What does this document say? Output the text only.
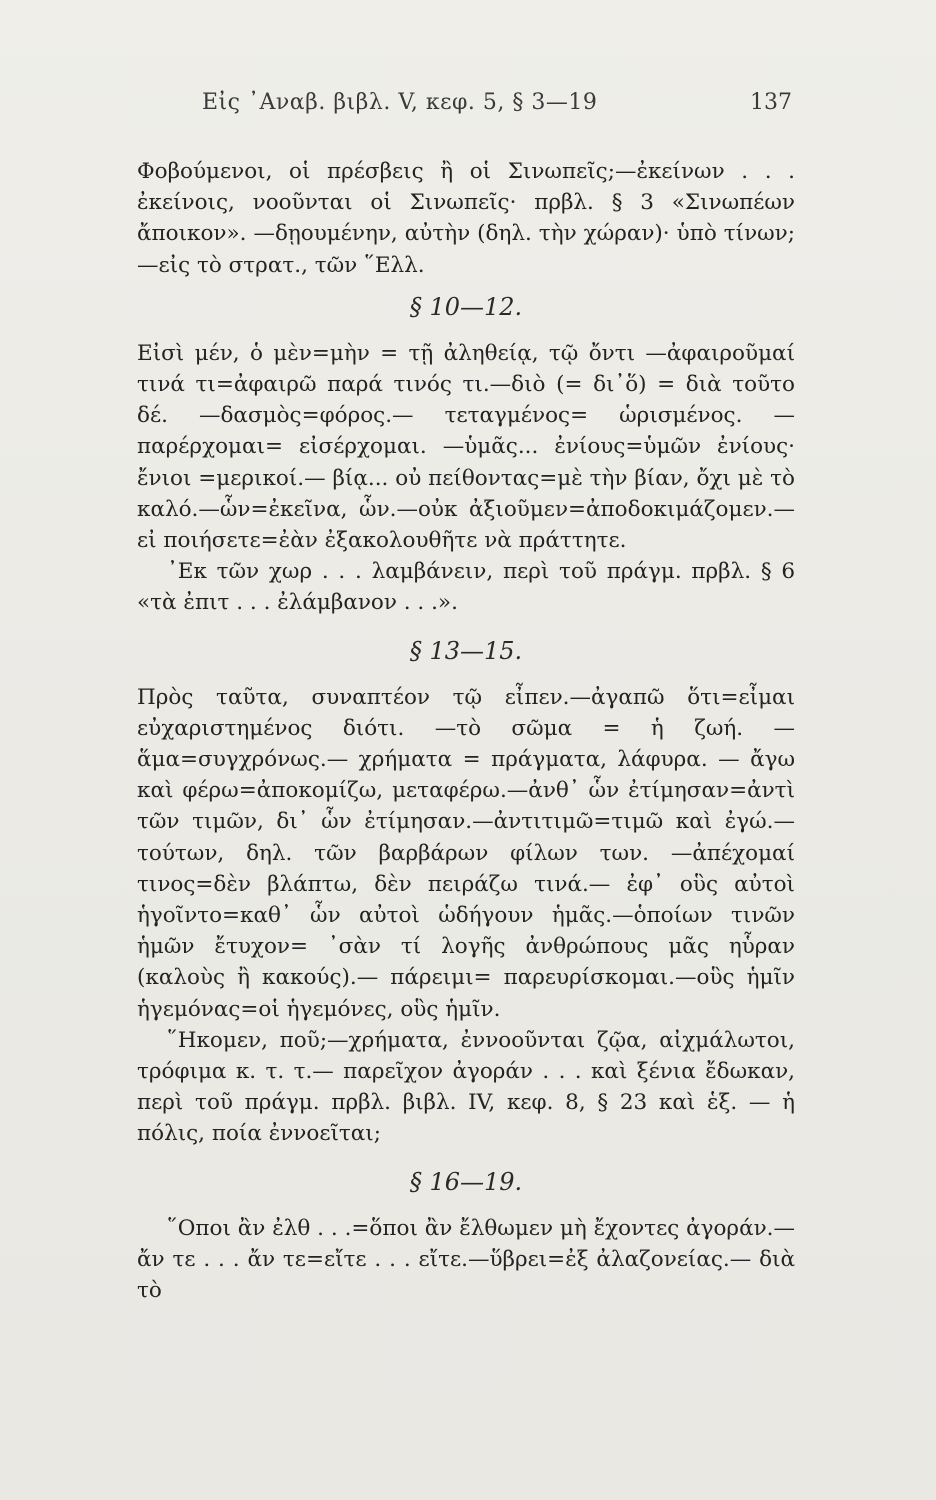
Εἰς ᾿Αναβ. βιβλ. V, κεφ. 5, § 3—19	137

Φοβούμενοι, οἱ πρέσβεις ἢ οἱ Σινωπεῖς;—ἐκείνων . . . ἐκείνοις, νοοῦνται οἱ Σινωπεῖς· πρβλ. § 3 «Σινωπέων ἄποικον». —δῃουμένην, αὐτὴν (δηλ. τὴν χώραν)· ὑπὸ τίνων;—εἰς τὸ στρατ., τῶν ῞Ελλ.

§ 10—12.

Εἰσὶ μέν, ὁ μὲν=μὴν = τῇ ἀληθείᾳ, τῷ ὄντι —ἀφαιροῦμαί τινά τι=ἀφαιρῶ παρά τινός τι.—διὸ (= δι᾿ὅ) = διὰ τοῦτο δέ. —δασμὸς=φόρος.— τεταγμένος= ὡρισμένος. — παρέρχομαι= εἰσέρχομαι. —ὑμᾶς... ἐνίους=ὑμῶν ἐνίους· ἔνιοι =μερικοί.— βίᾳ... οὐ πείθοντας=μὲ τὴν βίαν, ὄχι μὲ τὸ καλό.—ὧν=ἐκεῖνα, ὧν.—οὐκ ἀξιοῦμεν=ἀποδοκιμάζομεν.—εἰ ποιήσετε=ἐὰν ἐξακολουθῆτε νὰ πράττητε.

᾿Εκ τῶν χωρ . . . λαμβάνειν, περὶ τοῦ πράγμ. πρβλ. § 6 «τὰ ἐπιτ . . . ἐλάμβανον . . .».

§ 13—15.

Πρὸς ταῦτα, συναπτέον τῷ εἶπεν.—ἀγαπῶ ὅτι=εἶμαι εὐχαριστημένος διότι. —τὸ σῶμα = ἡ ζωή. — ἅμα=συγχρόνως.— χρήματα = πράγματα, λάφυρα. — ἄγω καὶ φέρω=ἀποκομίζω, μεταφέρω.—ἀνθ᾿ ὧν ἐτίμησαν=ἀντὶ τῶν τιμῶν, δι᾿ ὧν ἐτίμησαν.—ἀντιτιμῶ=τιμῶ καὶ ἐγώ.—τούτων, δηλ. τῶν βαρβάρων φίλων των. —ἀπέχομαί τινος=δὲν βλάπτω, δὲν πειράζω τινά.— ἐφ᾿ οὓς αὐτοὶ ἡγοῖντο=καθ᾿ ὧν αὐτοὶ ὡδήγουν ἡμᾶς.—ὁποίων τινῶν ἡμῶν ἔτυχον= ᾿σὰν τί λογῆς ἀνθρώπους μᾶς ηὗραν (καλοὺς ἢ κακούς).— πάρειμι= παρευρίσκομαι.—οὓς ἡμῖν ἡγεμόνας=οἱ ἡγεμόνες, οὓς ἡμῖν.

῞Ηκομεν, ποῦ;—χρήματα, ἐννοοῦνται ζῷα, αἰχμάλωτοι, τρόφιμα κ. τ. τ.— παρεῖχον ἀγοράν . . . καὶ ξένια ἔδωκαν, περὶ τοῦ πράγμ. πρβλ. βιβλ. IV, κεφ. 8, § 23 καὶ ἑξ. — ἡ πόλις, ποία ἐννοεῖται;

§ 16—19.

῞Οποι ἂν ἐλθ . . .=ὅποι ἂν ἔλθωμεν μὴ ἔχοντες ἀγοράν.— ἄν τε . . . ἄν τε=εἴτε . . . εἴτε.—ὕβρει=ἐξ ἀλαζονείας.— διὰ τὸ
